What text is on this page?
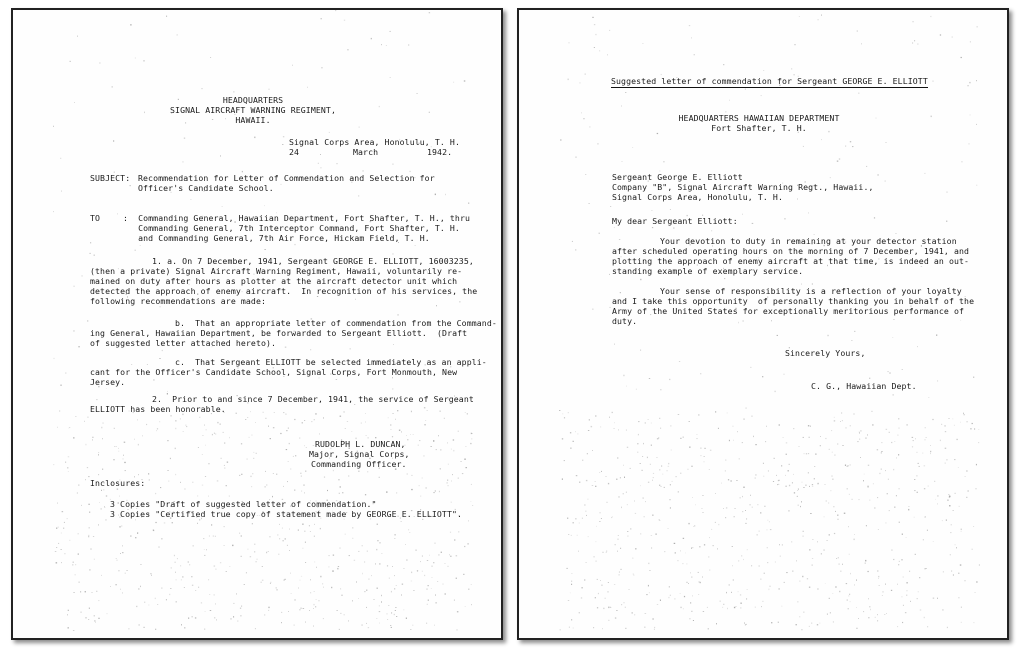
HEADQUARTERS
SIGNAL AIRCRAFT WARNING REGIMENT,
HAWAII.
Signal Corps Area, Honolulu, T. H.
24	March	1942.
SUBJECT: Recommendation for Letter of Commendation and Selection for
Officer's Candidate School.
TO	:  Commanding General, Hawaiian Department, Fort Shafter, T. H., thru
Commanding General, 7th Interceptor Command, Fort Shafter, T. H.
and Commanding General, 7th Air Force, Hickam Field, T. H.
1. a. On 7 December, 1941, Sergeant GEORGE E. ELLIOTT, 16003235,
(then a private) Signal Aircraft Warning Regiment, Hawaii, voluntarily re-
mained on duty after hours as plotter at the aircraft detector unit which
detected the approach of enemy aircraft.  In recognition of his services, the
following recommendations are made:
b.  That an appropriate letter of commendation from the Command-
ing General, Hawaiian Department, be forwarded to Sergeant Elliott.  (Draft
of suggested letter attached hereto).
c.  That Sergeant ELLIOTT be selected immediately as an appli-
cant for the Officer's Candidate School, Signal Corps, Fort Monmouth, New
Jersey.
2.  Prior to and since 7 December, 1941, the service of Sergeant
ELLIOTT has been honorable.
RUDOLPH L. DUNCAN,
Major, Signal Corps,
Commanding Officer.
Inclosures:
3 Copies "Draft of suggested letter of commendation."
3 Copies "Certified true copy of statement made by GEORGE E. ELLIOTT".
Suggested letter of commendation for Sergeant GEORGE E. ELLIOTT
HEADQUARTERS HAWAIIAN DEPARTMENT
Fort Shafter, T. H.
Sergeant George E. Elliott
Company "B", Signal Aircraft Warning Regt., Hawaii.,
Signal Corps Area, Honolulu, T. H.
My dear Sergeant Elliott:
Your devotion to duty in remaining at your detector station
after scheduled operating hours on the morning of 7 December, 1941, and
plotting the approach of enemy aircraft at that time, is indeed an out-
standing example of exemplary service.
Your sense of responsibility is a reflection of your loyalty
and I take this opportunity  of personally thanking you in behalf of the
Army of the United States for exceptionally meritorious performance of
duty.
Sincerely Yours,
C. G., Hawaiian Dept.
